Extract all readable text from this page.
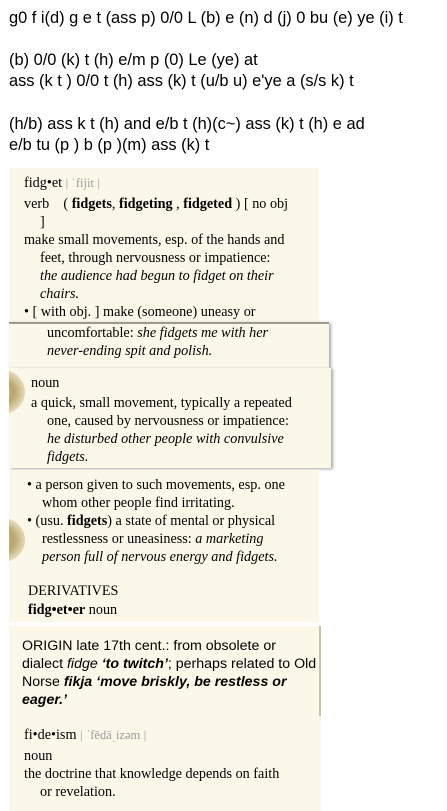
g0 f i(d) g e t (ass p) 0/0 L (b) e (n) d (j) 0 bu (e) ye (i) t

(b) 0/0 (k) t (h) e/m p (0) Le (ye) at

ass (k t ) 0/0 t (h) ass (k) t (u/b u) e'ye a (s/s k) t

(h/b) ass k t (h) and e/b t (h)(c~) ass (k) t (h) e ad

e/b tu (p ) b (p )(m) ass (k) t

fidg•et | ˈfijit |
verb ( fidgets, fidgeting , fidgeted ) [ no obj
]
make small movements, esp. of the hands and
feet, through nervousness or impatience:
the audience had begun to fidget on their
chairs.
• [ with obj. ] make (someone) uneasy or
uncomfortable: she fidgets me with her
never-ending spit and polish.
noun
a quick, small movement, typically a repeated
one, caused by nervousness or impatience:
he disturbed other people with convulsive
fidgets.
• a person given to such movements, esp. one
whom other people find irritating.
• (usu. fidgets) a state of mental or physical
restlessness or uneasiness: a marketing
person full of nervous energy and fidgets.
DERIVATIVES
fidg•et•er noun
ORIGIN late 17th cent.: from obsolete or
dialect fidge ‘to twitch’; perhaps related to Old
Norse fikja ‘move briskly, be restless or
eager.’
fi•de•ism | ˈfēdāˌizəm |
noun
the doctrine that knowledge depends on faith
or revelation.
